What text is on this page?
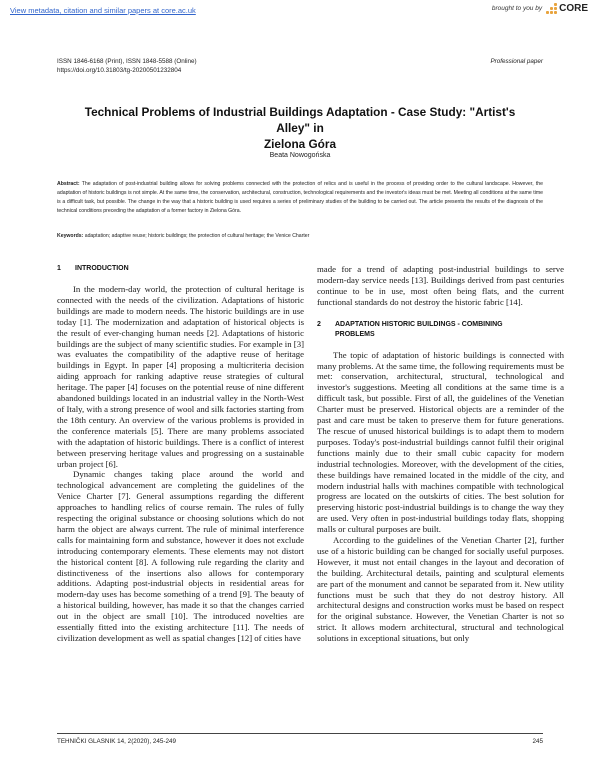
View metadata, citation and similar papers at core.ac.uk	brought to you by CORE
ISSN 1846-6168 (Print), ISSN 1848-5588 (Online)
https://doi.org/10.31803/tg-20200501232804
Professional paper
Technical Problems of Industrial Buildings Adaptation - Case Study: "Artist's Alley" in
Zielona Góra
Beata Nowogońska
Abstract: The adaptation of post-industrial building allows for solving problems connected with the protection of relics and is useful in the process of providing order to the cultural landscape. However, the adaptation of historic buildings is not simple. At the same time, the conservation, architectural, construction, technological requirements and the investor's ideas must be met. Meeting all conditions at the same time is a difficult task, but possible. The change in the way that a historic building is used requires a series of preliminary studies of the building to be carried out. The article presents the results of the diagnosis of the technical conditions preceding the adaptation of a former factory in Zielona Góra.
Keywords: adaptation; adaptive reuse; historic buildings; the protection of cultural heritage; the Venice Charter
1	INTRODUCTION

In the modern-day world, the protection of cultural heritage is connected with the needs of the civilization. Adaptations of historic buildings are made to modern needs. The historic buildings are in use today [1]. The modernization and adaptation of historical objects is the result of ever-changing human needs [2]. Adaptations of historic buildings are the subject of many scientific studies. For example in [3] was evaluates the compatibility of the adaptive reuse of heritage buildings in Egypt. In paper [4] proposing a multicriteria decision aiding approach for ranking adaptive reuse strategies of cultural heritage. The paper [4] focuses on the potential reuse of nine different abandoned buildings located in an industrial valley in the North-West of Italy, with a strong presence of wool and silk factories starting from the 18th century. An overview of the various problems is provided in the conference materials [5]. There are many problems associated with the adaptation of historic buildings. There is a conflict of interest between preserving heritage values and progressing on a sustainable urban project [6].

Dynamic changes taking place around the world and technological advancement are completing the guidelines of the Venice Charter [7]. General assumptions regarding the different approaches to handling relics of course remain. The rules of fully respecting the original substance or choosing solutions which do not harm the object are always current. The rule of minimal interference calls for maintaining form and substance, however it does not exclude introducing contemporary elements. These elements may not distort the historical content [8]. A following rule regarding the clarity and distinctiveness of the insertions also allows for contemporary additions. Adapting post-industrial objects in residential areas for modern-day uses has become something of a trend [9]. The beauty of a historical building, however, has made it so that the changes carried out in the object are small [10]. The introduced novelties are essentially fitted into the existing architecture [11]. The needs of civilization development as well as spatial changes [12] of cities have

made for a trend of adapting post-industrial buildings to serve modern-day service needs [13]. Buildings derived from past centuries continue to be in use, most often being flats, and the current functional standards do not destroy the historic fabric [14].

2	ADAPTATION HISTORIC BUILDINGS - COMBINING
PROBLEMS

The topic of adaptation of historic buildings is connected with many problems. At the same time, the following requirements must be met: conservation, architectural, structural, technological and investor's suggestions. Meeting all conditions at the same time is a difficult task, but possible. First of all, the guidelines of the Venetian Charter must be preserved. Historical objects are a reminder of the past and care must be taken to preserve them for future generations. The rescue of unused historical buildings is to adapt them to modern purposes. Today's post-industrial buildings cannot fulfil their original functions mainly due to their small cubic capacity for modern industrial technologies. Moreover, with the development of the cities, these buildings have remained located in the middle of the city, and modern industrial halls with machines compatible with technological progress are located on the outskirts of cities. The best solution for preserving historic post-industrial buildings is to change the way they are used. Very often in post-industrial buildings today flats, shopping malls or cultural purposes are built.

According to the guidelines of the Venetian Charter [2], further use of a historic building can be changed for socially useful purposes. However, it must not entail changes in the layout and decoration of the building. Architectural details, painting and sculptural elements are part of the monument and cannot be separated from it. New utility functions must be such that they do not destroy history. All architectural designs and construction works must be based on respect for the original substance. However, the Venetian Charter is not so strict. It allows modern architectural, structural and technological solutions in exceptional situations, but only

TEHNIČKI GLASNIK 14, 2(2020), 245-249	245
